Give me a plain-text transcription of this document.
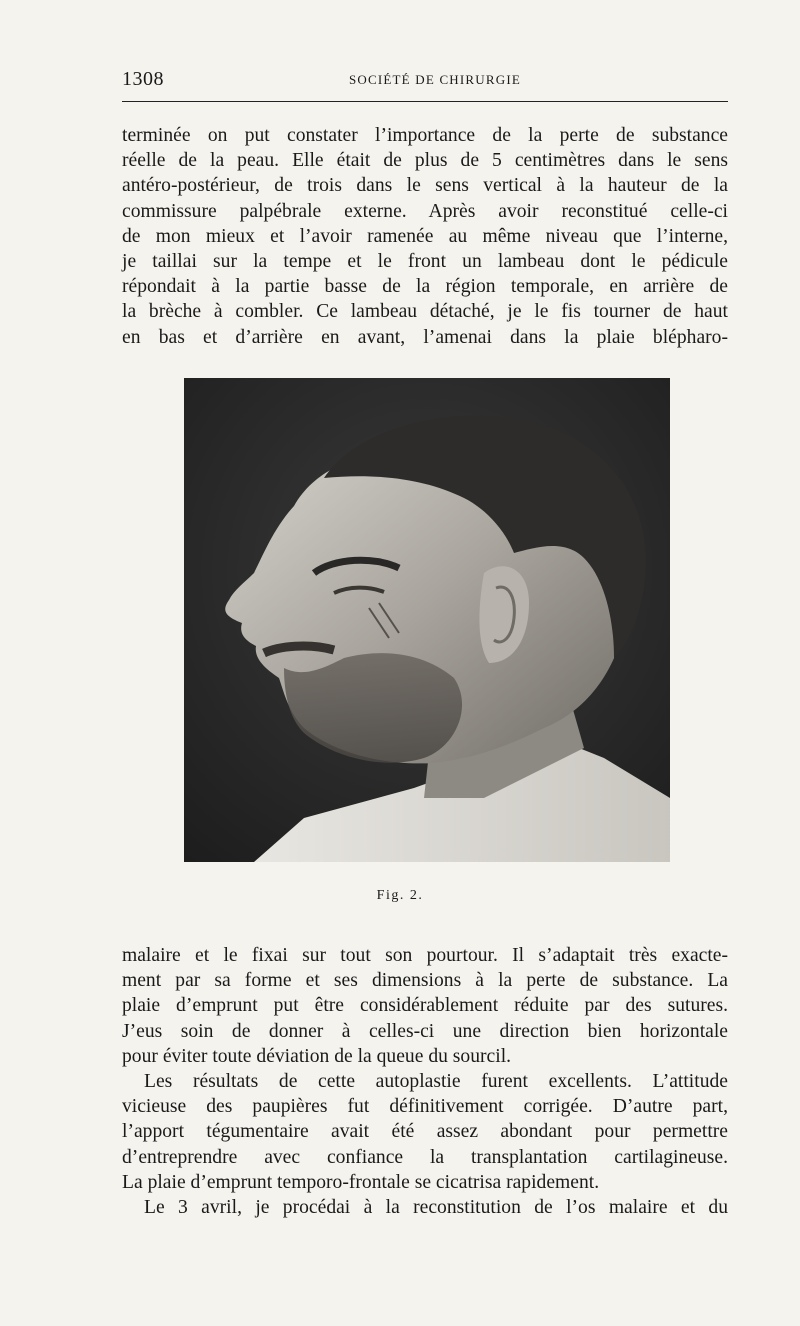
1308	SOCIÉTÉ DE CHIRURGIE
terminée on put constater l’importance de la perte de substance
réelle de la peau. Elle était de plus de 5 centimètres dans le sens
antéro-postérieur, de trois dans le sens vertical à la hauteur de la
commissure palpébrale externe. Après avoir reconstitué celle-ci
de mon mieux et l’avoir ramenée au même niveau que l’interne,
je taillai sur la tempe et le front un lambeau dont le pédicule
répondait à la partie basse de la région temporale, en arrière de
la brèche à combler. Ce lambeau détaché, je le fis tourner de haut
en bas et d’arrière en avant, l’amenai dans la plaie blépharo-
Fig. 2.
malaire et le fixai sur tout son pourtour. Il s’adaptait très exacte-
ment par sa forme et ses dimensions à la perte de substance. La
plaie d’emprunt put être considérablement réduite par des sutures.
J’eus soin de donner à celles-ci une direction bien horizontale
pour éviter toute déviation de la queue du sourcil.
Les résultats de cette autoplastie furent excellents. L’attitude
vicieuse des paupières fut définitivement corrigée. D’autre part,
l’apport tégumentaire avait été assez abondant pour permettre
d’entreprendre avec confiance la transplantation cartilagineuse.
La plaie d’emprunt temporo-frontale se cicatrisa rapidement.
Le 3 avril, je procédai à la reconstitution de l’os malaire et du
